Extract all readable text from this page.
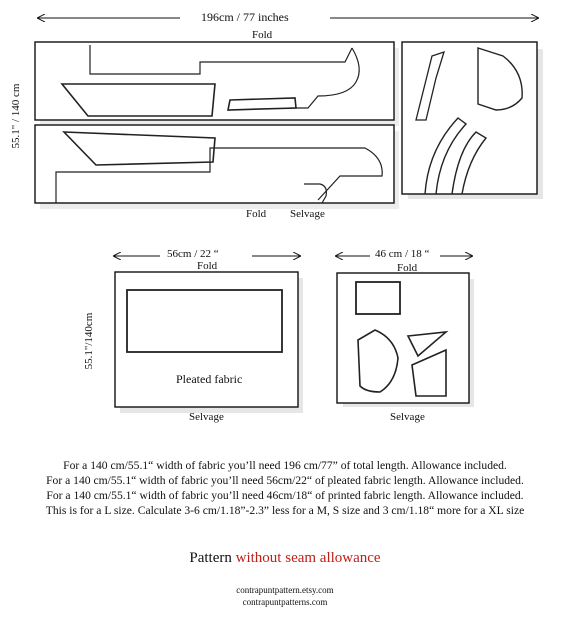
196cm / 77 inches
Fold
55.1" / 140 cm
Fold Selvage
56cm / 22 “
Fold
55.1"/140cm
Pleated fabric
Selvage
46 cm / 18 “
Fold
Selvage
For a 140 cm/55.1“ width of fabric you’ll need 196 cm/77” of total length. Allowance included.
For a 140 cm/55.1“ width of fabric you’ll need 56cm/22“ of pleated fabric length. Allowance included.
For a 140 cm/55.1“ width of fabric you’ll need 46cm/18“ of printed fabric length. Allowance included.
This is for a L size. Calculate 3-6 cm/1.18”-2.3” less for a M, S size and 3 cm/1.18“ more for a XL size
Pattern without seam allowance
contrapuntpattern.etsy.com
contrapuntpatterns.com
